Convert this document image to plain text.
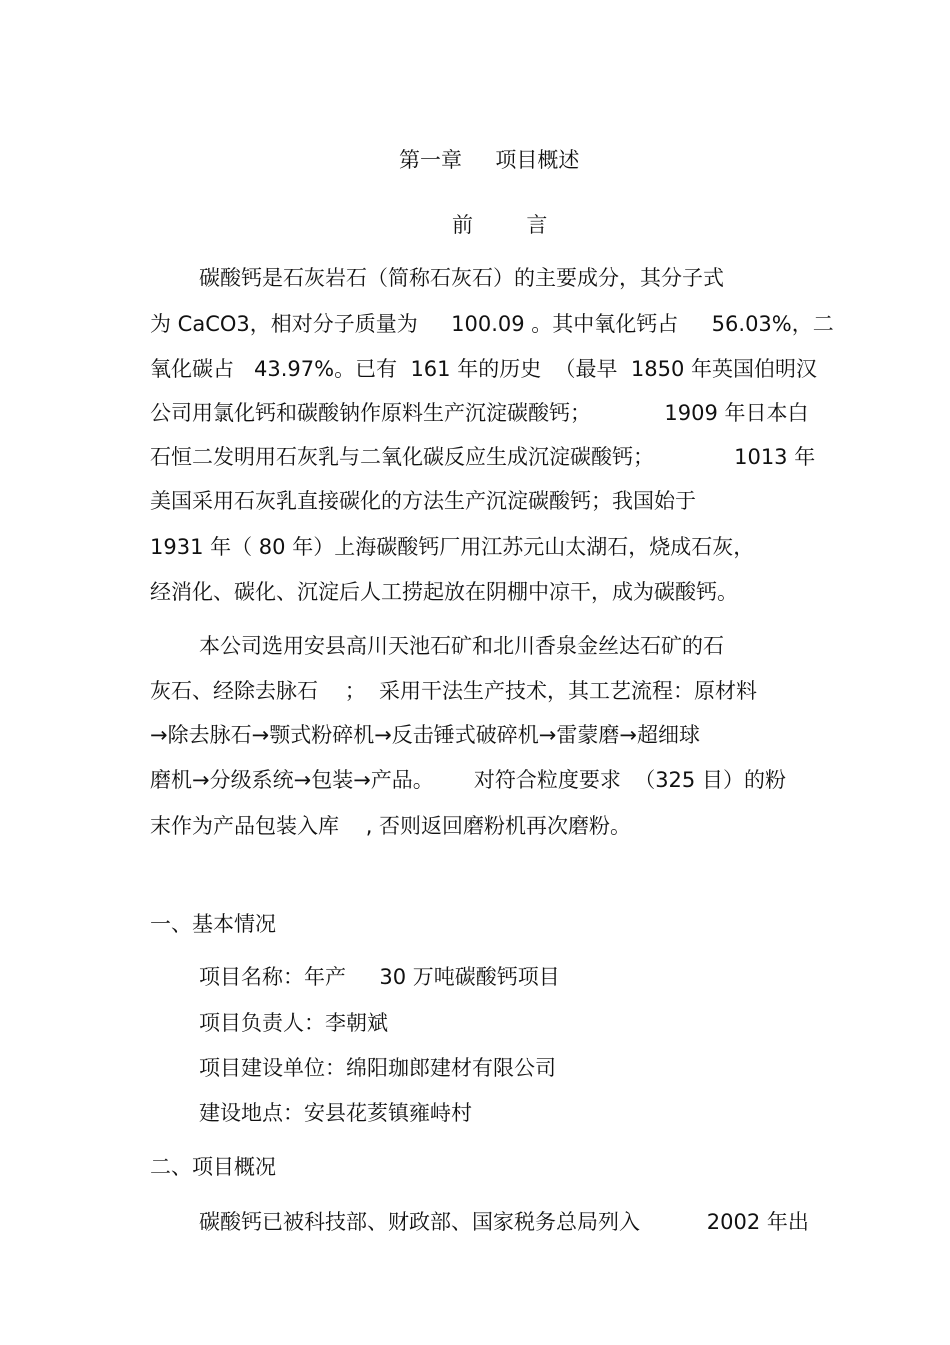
第一章     项目概述
前        言
碳酸钙是石灰岩石（简称石灰石）的主要成分，其分子式
为 CaCO3，相对分子质量为     100.09 。其中氧化钙占     56.03%，二
氧化碳占   43.97%。已有  161 年的历史  （最早  1850 年英国伯明汉
公司用氯化钙和碳酸钠作原料生产沉淀碳酸钙；           1909 年日本白
石恒二发明用石灰乳与二氧化碳反应生成沉淀碳酸钙；            1013 年
美国采用石灰乳直接碳化的方法生产沉淀碳酸钙；我国始于
1931 年（ 80 年）上海碳酸钙厂用江苏元山太湖石，烧成石灰，
经消化、碳化、沉淀后人工捞起放在阴棚中凉干，成为碳酸钙。
本公司选用安县高川天池石矿和北川香泉金丝达石矿的石
灰石、经除去脉石    ；  采用干法生产技术，其工艺流程：原材料
→除去脉石→颚式粉碎机→反击锤式破碎机→雷蒙磨→超细球
磨机→分级系统→包装→产品。      对符合粒度要求  （325 目）的粉
末作为产品包装入库    , 否则返回磨粉机再次磨粉。
一、基本情况
项目名称：年产     30 万吨碳酸钙项目
项目负责人：李朝斌
项目建设单位：绵阳珈郎建材有限公司
建设地点：安县花荄镇雍峙村
二、项目概况
碳酸钙已被科技部、财政部、国家税务总局列入          2002 年出
